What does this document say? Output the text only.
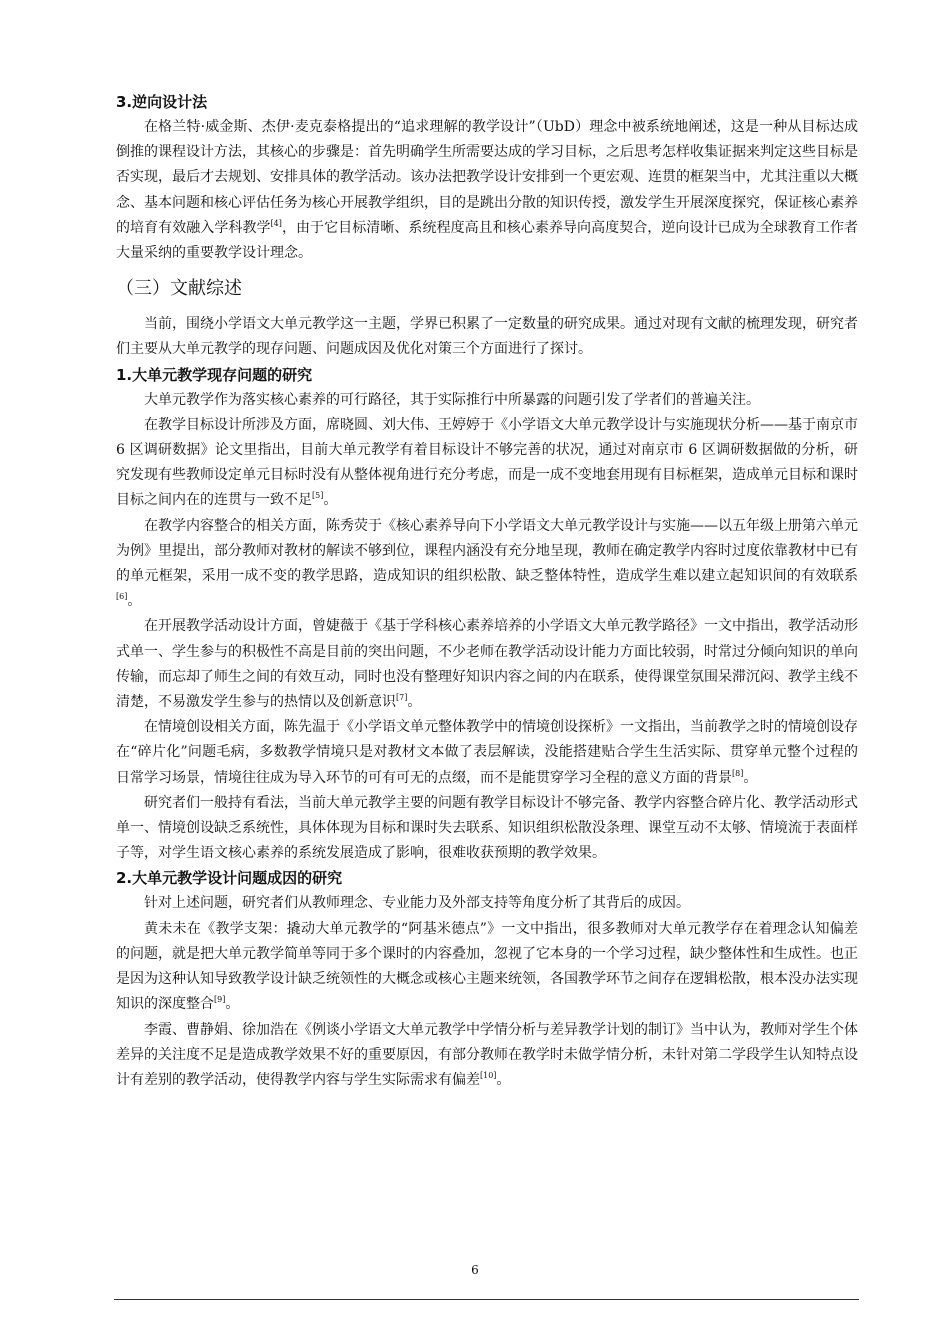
3.逆向设计法

在格兰特·威金斯、杰伊·麦克泰格提出的“追求理解的教学设计”（UbD）理念中被系统地阐述，这是一种从目标达成倒推的课程设计方法，其核心的步骤是：首先明确学生所需要达成的学习目标，之后思考怎样收集证据来判定这些目标是否实现，最后才去规划、安排具体的教学活动。该办法把教学设计安排到一个更宏观、连贯的框架当中，尤其注重以大概念、基本问题和核心评估任务为核心开展教学组织，目的是跳出分散的知识传授，激发学生开展深度探究，保证核心素养的培育有效融入学科教学[4]，由于它目标清晰、系统程度高且和核心素养导向高度契合，逆向设计已成为全球教育工作者大量采纳的重要教学设计理念。

（三）文献综述

当前，围绕小学语文大单元教学这一主题，学界已积累了一定数量的研究成果。通过对现有文献的梳理发现，研究者们主要从大单元教学的现存问题、问题成因及优化对策三个方面进行了探讨。

1.大单元教学现存问题的研究

大单元教学作为落实核心素养的可行路径，其于实际推行中所暴露的问题引发了学者们的普遍关注。

在教学目标设计所涉及方面，席晓圆、刘大伟、王婷婷于《小学语文大单元教学设计与实施现状分析——基于南京市 6 区调研数据》论文里指出，目前大单元教学有着目标设计不够完善的状况，通过对南京市 6 区调研数据做的分析，研究发现有些教师设定单元目标时没有从整体视角进行充分考虑，而是一成不变地套用现有目标框架，造成单元目标和课时目标之间内在的连贯与一致不足[5]。

在教学内容整合的相关方面，陈秀荧于《核心素养导向下小学语文大单元教学设计与实施——以五年级上册第六单元为例》里提出，部分教师对教材的解读不够到位，课程内涵没有充分地呈现，教师在确定教学内容时过度依靠教材中已有的单元框架，采用一成不变的教学思路，造成知识的组织松散、缺乏整体特性，造成学生难以建立起知识间的有效联系[6]。

在开展教学活动设计方面，曾婕薇于《基于学科核心素养培养的小学语文大单元教学路径》一文中指出，教学活动形式单一、学生参与的积极性不高是目前的突出问题，不少老师在教学活动设计能力方面比较弱，时常过分倾向知识的单向传输，而忘却了师生之间的有效互动，同时也没有整理好知识内容之间的内在联系，使得课堂氛围呆滞沉闷、教学主线不清楚，不易激发学生参与的热情以及创新意识[7]。

在情境创设相关方面，陈先温于《小学语文单元整体教学中的情境创设探析》一文指出，当前教学之时的情境创设存在“碎片化”问题毛病，多数教学情境只是对教材文本做了表层解读，没能搭建贴合学生生活实际、贯穿单元整个过程的日常学习场景，情境往往成为导入环节的可有可无的点缀，而不是能贯穿学习全程的意义方面的背景[8]。

研究者们一般持有看法，当前大单元教学主要的问题有教学目标设计不够完备、教学内容整合碎片化、教学活动形式单一、情境创设缺乏系统性，具体体现为目标和课时失去联系、知识组织松散没条理、课堂互动不太够、情境流于表面样子等，对学生语文核心素养的系统发展造成了影响，很难收获预期的教学效果。

2.大单元教学设计问题成因的研究

针对上述问题，研究者们从教师理念、专业能力及外部支持等角度分析了其背后的成因。

黄未未在《教学支架：撬动大单元教学的“阿基米德点”》一文中指出，很多教师对大单元教学存在着理念认知偏差的问题，就是把大单元教学简单等同于多个课时的内容叠加，忽视了它本身的一个学习过程，缺少整体性和生成性。也正是因为这种认知导致教学设计缺乏统领性的大概念或核心主题来统领，各国教学环节之间存在逻辑松散，根本没办法实现知识的深度整合[9]。

李霞、曹静娟、徐加浩在《例谈小学语文大单元教学中学情分析与差异教学计划的制订》当中认为，教师对学生个体差异的关注度不足是造成教学效果不好的重要原因，有部分教师在教学时未做学情分析，未针对第二学段学生认知特点设计有差别的教学活动，使得教学内容与学生实际需求有偏差[10]。

6
